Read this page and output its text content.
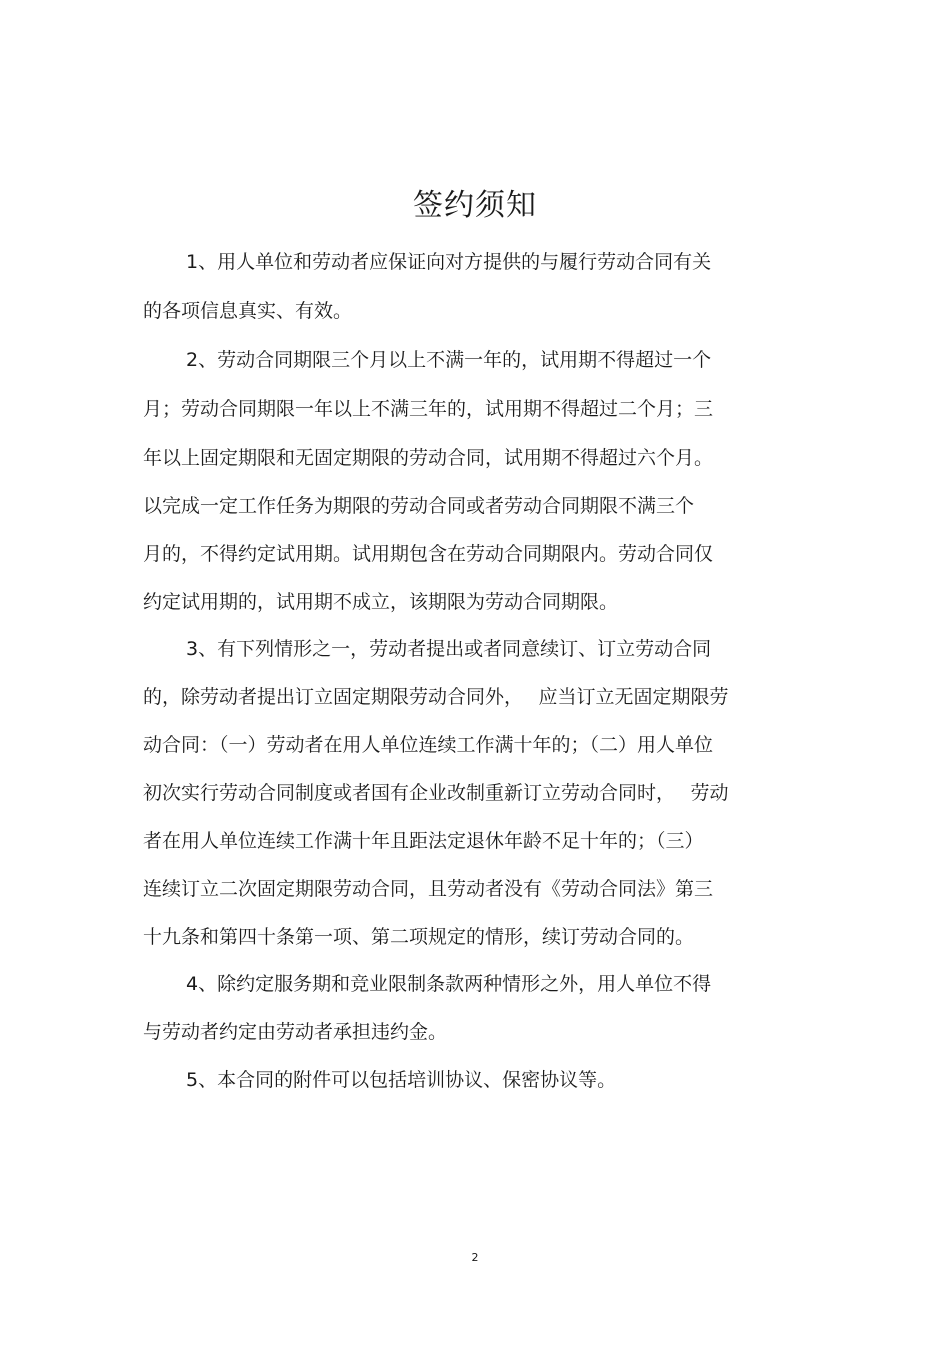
签约须知

1、用人单位和劳动者应保证向对方提供的与履行劳动合同有关

的各项信息真实、有效。

2、劳动合同期限三个月以上不满一年的，试用期不得超过一个

月；劳动合同期限一年以上不满三年的，试用期不得超过二个月；三

年以上固定期限和无固定期限的劳动合同，试用期不得超过六个月。

以完成一定工作任务为期限的劳动合同或者劳动合同期限不满三个

月的，不得约定试用期。试用期包含在劳动合同期限内。劳动合同仅

约定试用期的，试用期不成立，该期限为劳动合同期限。

3、有下列情形之一，劳动者提出或者同意续订、订立劳动合同

的，除劳动者提出订立固定期限劳动合同外，　 应当订立无固定期限劳

动合同：（一）劳动者在用人单位连续工作满十年的；（二）用人单位

初次实行劳动合同制度或者国有企业改制重新订立劳动合同时，　 劳动

者在用人单位连续工作满十年且距法定退休年龄不足十年的；（三）

连续订立二次固定期限劳动合同，且劳动者没有《劳动合同法》第三

十九条和第四十条第一项、第二项规定的情形，续订劳动合同的。

4、除约定服务期和竞业限制条款两种情形之外，用人单位不得

与劳动者约定由劳动者承担违约金。

5、本合同的附件可以包括培训协议、保密协议等。

2
